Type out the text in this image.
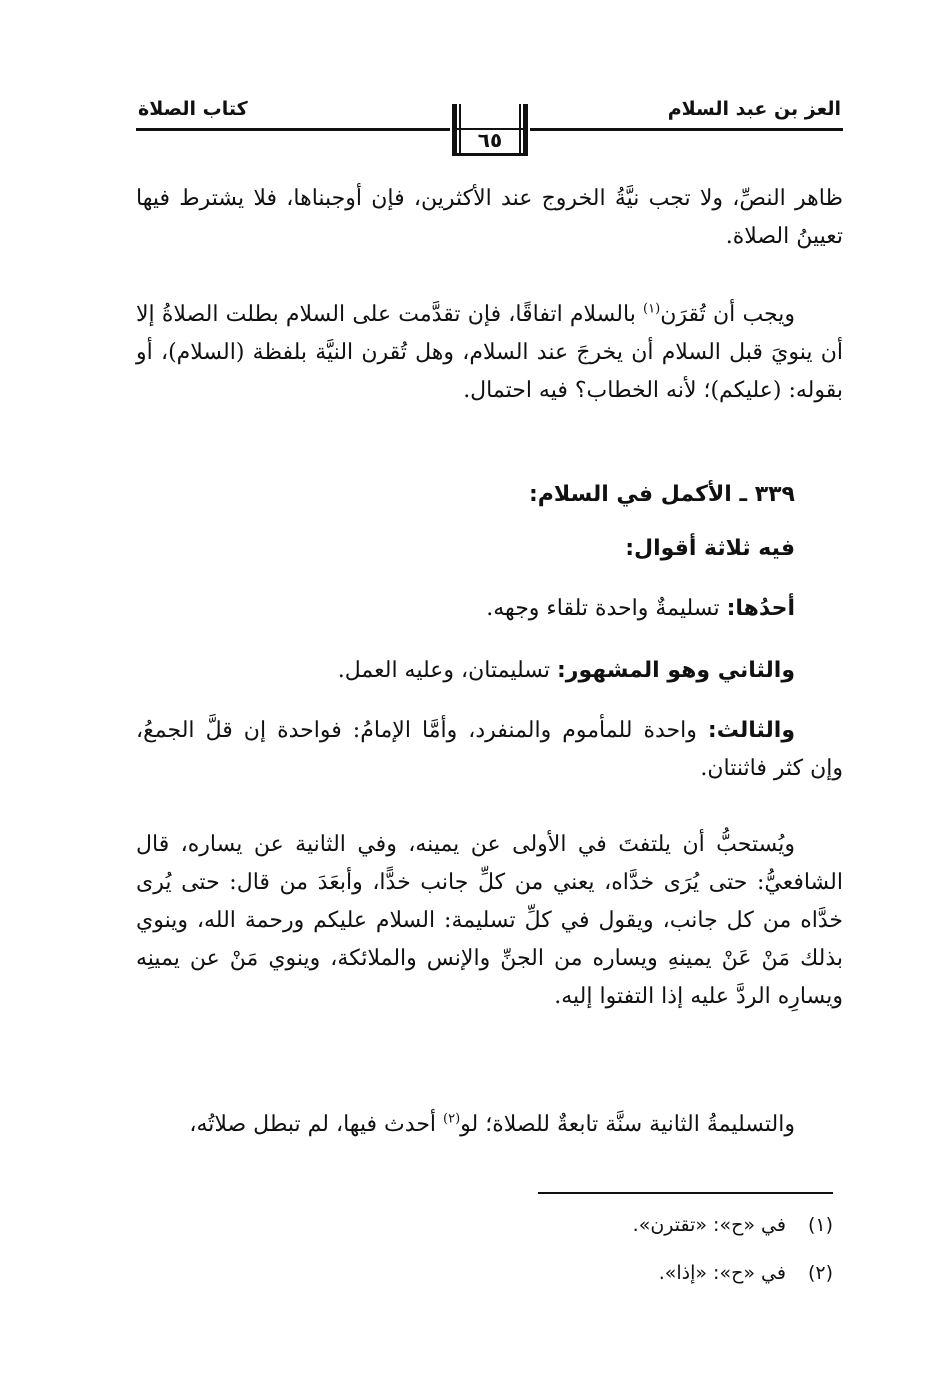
العز بن عبد السلام
كتاب الصلاة
٦٥

ظاهر النصِّ، ولا تجب نيَّةُ الخروج عند الأكثرين، فإن أوجبناها، فلا يشترط فيها تعيينُ الصلاة.

ويجب أن تُقرَن$^{(١)}$ بالسلام اتفاقًا، فإن تقدَّمت على السلام بطلت الصلاةُ إلا أن ينويَ قبل السلام أن يخرجَ عند السلام، وهل تُقرن النيَّة بلفظة (السلام)، أو بقوله: (عليكم)؛ لأنه الخطاب؟ فيه احتمال.

٣٣٩ ـ الأكمل في السلام:

فيه ثلاثة أقوال:

أحدُها: تسليمةٌ واحدة تلقاء وجهه.

والثاني وهو المشهور: تسليمتان، وعليه العمل.

والثالث: واحدة للمأموم والمنفرد، وأمَّا الإمامُ: فواحدة إن قلَّ الجمعُ، وإن كثر فاثنتان.

ويُستحبُّ أن يلتفتَ في الأولى عن يمينه، وفي الثانية عن يساره، قال الشافعيُّ: حتى يُرَى خدَّاه، يعني من كلِّ جانب خدًّا، وأبعَدَ من قال: حتى يُرى خدَّاه من كل جانب، ويقول في كلِّ تسليمة: السلام عليكم ورحمة الله، وينوي بذلك مَنْ عَنْ يمينهِ ويساره من الجنِّ والإنس والملائكة، وينوي مَنْ عن يمينِه ويسارِه الردَّ عليه إذا التفتوا إليه.

والتسليمةُ الثانية سنَّة تابعةٌ للصلاة؛ لو$^{(٢)}$ أحدث فيها، لم تبطل صلاتُه،

(١)في «ح»: «تقترن».
(٢)في «ح»: «إذا».
